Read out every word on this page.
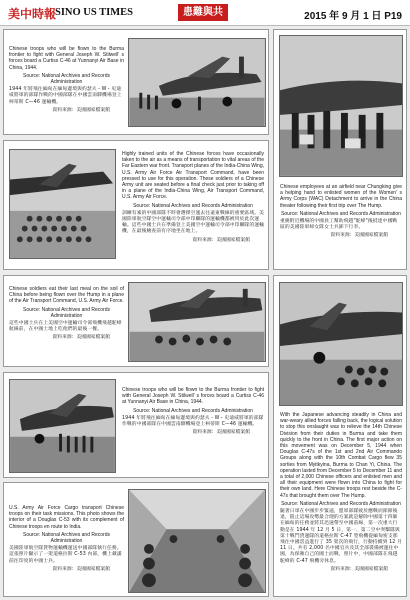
美中時報
SINO US TIMES	患難與共	2015 年 9 月 1 日 P19

Chinese troops who will be flown to the Burma frontier to fight with General Joseph W. Stilwell’ s forces board a Curtiss C-46 at Yunnanyi Air Base in China, 1944.

Source: National Archives and Records Administration

1944 年將飛往緬甸在緬甸邊境與約瑟夫・W・史迪威將軍的部隊作戰的中國部隊在中國雲南驛機場登上柯蒂斯 C—46 運輸機。

資料來源：美國國家檔案館

Highly trained units of the Chinese forces have occasionally taken to the air as a means of transportation to vital areas of the Far Eastern war front. Transport planes of the India-China Wing, U.S. Army Air Force Air Transport Command, have been pressed to use for this operation. These soldiers of a Chinese Army unit are seated before a final check just prior to taking off in a plane of the India-China Wing, Air Transport Command, U.S. Army Air Force.

Source: National Archives and Records Administration

訓練有素的中國部隊不時會選擇空運去往遠東戰線的重要區域。美國陸軍航空隊空中運輸司令部中印聯隊的運輸機都被用於此次運輸。這些中國士兵在準備登上美國空中運輸司令部中印聯隊的運輸機，在最後檢查前有序地坐在地上。

資料來源：美國國家檔案館

Chinese soldiers eat their last meal on the soil of China before being flown over the Hump in a plane of the Air Transport Command, U.S. Army Air Force.

Source: National Archives and Records Administration

這些中國士兵在上美國空中運輸司令部飛機飛越駝峰航線前，在中國土地上吃他們的最後一餐。

資料來源：美國國家檔案館

Chinese troops who will be flown to the Burma frontier to fight with General Joseph W. Stilwell’ s forces board a Curtiss C-46 at Yunnanyi Air Base in China, 1944.

Source: National Archives and Records Administration

1944 年將飛往緬甸在緬甸邊境與約瑟夫・W・史迪威將軍的部隊作戰的中國部隊在中國雲南驛機場登上柯蒂斯 C—46 運輸機。

資料來源：美國國家檔案館

U.S. Army Air Force Cargo transport Chinese troops on their task missions. This photo shows the interior of a Douglas C-53 with its complement of Chinese troops en route to India.

Source: National Archives and Records Administration

美國陸軍航空隊貨物運輸機運送中國部隊執行任務。這張照片顯示了一架道格拉斯 C-53 內部，機上載滿前往印度的中國士兵。

資料來源：美國國家檔案館

Chinese employees at an airfield near Chungking give a helping hand to enlisted women of the Women’ s Army Corps (WAC) Detachment to arrive in the China theater following their first trip over The Hump.

Source: National Archives and Records Administration

重慶附近機場的中國員工幫助飛越"駝峰"後抵達中國戰區的美國陸軍婦女隊女士兵卸下行李。

資料來源：美國國家檔案館

With the Japanese advancing steadily in China and war-weary allied forces falling back, the logical solution to stop this onslaught was to relieve the 14th Chinese Division from their duties in Burma and take them quickly to the front in China. The first major action on this movement was on December 5, 1944 when Douglas C-47s of the 1st and 2nd Air Commando Groups along with the 10th Combat Cargo flew 35 sorties from Myitkyina, Burma to Chan Yi, China. The operation lasted from December 5 to December 11 and a total of 2,000 Chinese officers and enlisted men and all their equipment were flown into China to fight for their own land. Here Chinese troops rest beside the C-47s that brought them over The Hump.

Source: National Archives and Records Administration

隨著日軍在中國步步緊逼，盟軍部隊疲於應戰而節節後退，阻止這場攻勢最合理的方案就是解除中國第十四師在緬甸的任務並將其迅速帶至中國前線，第一次重大行動是在 1944 年 12 月 5 日，第一、第二空中突擊隊與第十戰鬥貨運隊的道格拉斯 C-47 型飛機從緬甸密支那飛往中國霑益進行了 35 架次的飛行，行動持續到 12 月 11 日。共有 2,000 名中國官兵及其全部裝備被運往中國，為保衛自己的國土而戰，照片中，中國部隊在飛越駝峰的 C-47 飛機旁休息。

資料來源：美國國家檔案館
